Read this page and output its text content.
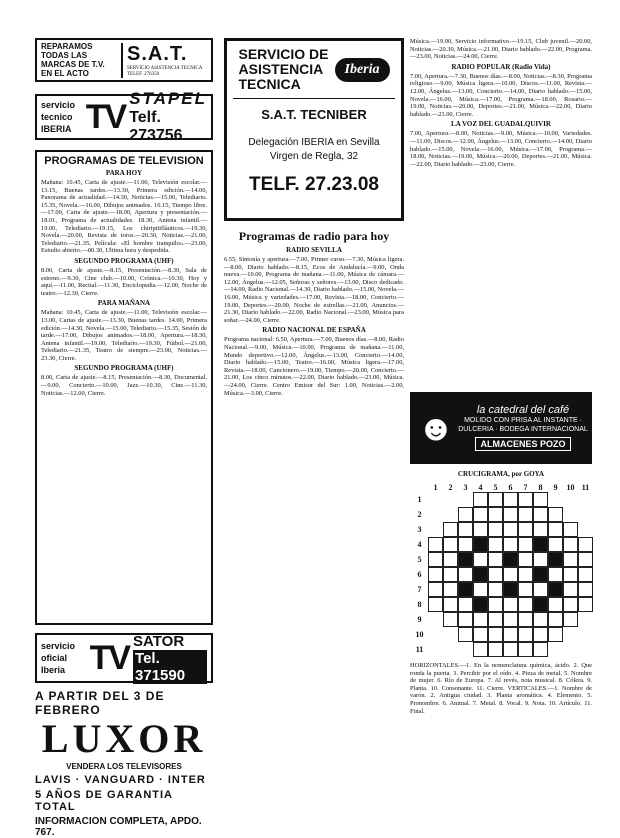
REPARAMOS
TODAS LAS
MARCAS DE T.V.
EN EL ACTO
S.A.T.
SERVICIO ASISTENCIA TECNICA
TELEF. 276350
servicio
tecnico
IBERIA TV STAPEL
Telf. 273756
PROGRAMAS DE TELEVISION
PARA HOY

Mañana: 10.45, Carta de ajuste.—11.00, Televisión escolar.—13.15, Buenas tardes.—13.30, Primera edición.—14.00, Panorama de actualidad.—14.30, Noticias.—15.00, Telediario. 15.35, Novela.—16.00, Dibujos animados. 16.15, Tiempo libre.—17.00, Carta de ajuste.—18.00, Apertura y presentación.—18.01, Programa de actualidades. 18.30, Antena infantil.—19.00, Telediario.—19.15, Los chiripitifláuticos.—19.30, Novela.—20.00, Revista de toros.—20.30, Noticias.—21.00, Telediario.—21.35, Película: «El hombre tranquilo».—23.00, Estudio abierto.—00.30, Ultima hora y despedida.

SEGUNDO PROGRAMA (UHF)

8.00, Carta de ajuste.—8.15, Presentación.—8.30, Sala de estreno.—9.30, Cine club.—10.00, Crónica.—10.30, Hoy y aquí.—11.00, Recital.—11.30, Enciclopedia.—12.00, Noche de teatro.—12.30, Cierre.

PARA MAÑANA

Mañana: 10.45, Carta de ajuste.—11.00, Televisión escolar.—13.00, Cartas de ajuste.—13.30, Buenas tardes. 14.00, Primera edición.—14.30, Novela.—15.00, Telediario.—15.35, Sesión de tarde.—17.00, Dibujos animados.—18.00, Apertura.—18.30, Antena infantil.—19.00, Telediario.—19.30, Fútbol.—21.00, Telediario.—21.35, Teatro de siempre.—23.00, Noticias.—23.30, Cierre.

SEGUNDO PROGRAMA (UHF)

8.00, Carta de ajuste.—8.15, Presentación.—8.30, Documental.—9.00, Concierto.—10.00, Jazz.—10.30, Cine.—11.30, Noticias.—12.00, Cierre.

servicio
oficial
Iberia TV SATOR
Tel. 371590
A PARTIR DEL 3 DE FEBRERO
LUXOR
VENDERA LOS TELEVISORES
LAVIS · VANGUARD · INTER
5 AÑOS DE GARANTIA TOTAL
INFORMACION COMPLETA, APDO. 767.
SERVICIO DE
ASISTENCIA
TECNICA
Iberia
S.A.T. TECNIBER
Delegación IBERIA en Sevilla
Virgen de Regla, 32
TELF. 27.23.08
Programas de radio para hoy
RADIO SEVILLA

6.55, Sintonía y apertura.—7.00, Primer curso.—7.30, Música ligera.—8.00, Diario hablado.—8.15, Ecos de Andalucía.—9.00, Onda nueva.—10.00, Programa de mañana.—11.00, Música de cámara.—12.00, Ángelus.—12.05, Señoras y señores.—13.00, Disco dedicado.—14.00, Radio Nacional.—14.30, Diario hablado.—15.00, Novela.—16.00, Música y variedades.—17.00, Revista.—18.00, Concierto.—19.00, Deportes.—20.00, Noche de estrellas.—21.00, Anuncios.—21.30, Diario hablado.—22.00, Radio Nacional.—23.00, Música para soñar.—24.00, Cierre.

RADIO NACIONAL DE ESPAÑA

Programa nacional: 6.50, Apertura.—7.00, Buenos días.—8.00, Radio Nacional.—9.00, Música.—10.00, Programa de mañana.—11.00, Mundo deportivo.—12.00, Ángelus.—13.00, Concierto.—14.00, Diario hablado.—15.00, Teatro.—16.00, Música ligera.—17.00, Revista.—18.00, Cancionero.—19.00, Tiempo.—20.00, Concierto.—21.00, Los cinco minutos.—22.00, Diario hablado.—23.00, Música.—24.00, Cierre. Centro Emisor del Sur: 1.00, Noticias.—2.00, Música.—3.00, Cierre.

Música.—19.00, Servicio informativo.—19.15, Club juvenil.—20.00, Noticias.—20.30, Música.—21.00, Diario hablado.—22.00, Programa.—23.00, Noticias.—24.00, Cierre.

RADIO POPULAR (Radio Vida)

7.00, Apertura.—7.30, Buenos días.—8.00, Noticias.—8.30, Programa religioso.—9.00, Música ligera.—10.00, Discos.—11.00, Revista.—12.00, Ángelus.—13.00, Concierto.—14.00, Diario hablado.—15.00, Novela.—16.00, Música.—17.00, Programa.—18.00, Rosario.—19.00, Noticias.—20.00, Deportes.—21.00, Música.—22.00, Diario hablado.—23.00, Cierre.

LA VOZ DEL GUADALQUIVIR

7.00, Apertura.—8.00, Noticias.—9.00, Música.—10.00, Variedades.—11.00, Discos.—12.00, Ángelus.—13.00, Concierto.—14.00, Diario hablado.—15.00, Novela.—16.00, Música.—17.00, Programa.—18.00, Noticias.—19.00, Música.—20.00, Deportes.—21.00, Música.—22.00, Diario hablado.—23.00, Cierre.

☻	la catedral del café
MOLIDO CON PRISA AL INSTANTE · DULCERIA · BODEGA INTERNACIONAL
ALMACENES POZO
CRUCIGRAMA, por GOYA
1	2	3	4	5	6	7	8	9	10 11
1
2
3
4
5
6
7
8
9
10
11

HORIZONTALES.—1. En la nomenclatura química, ácido. 2. Que ronda la puerta. 3. Percibir por el oído. 4. Pieza de metal. 5. Nombre de mujer. 6. Río de Europa. 7. Al revés, nota musical. 8. Cólera. 9. Planta. 10. Consonante. 11. Cierre. VERTICALES.—1. Nombre de varón. 2. Antigua ciudad. 3. Planta aromática. 4. Elemento. 5. Pronombre. 6. Animal. 7. Metal. 8. Vocal. 9. Nota. 10. Artículo. 11. Final.
